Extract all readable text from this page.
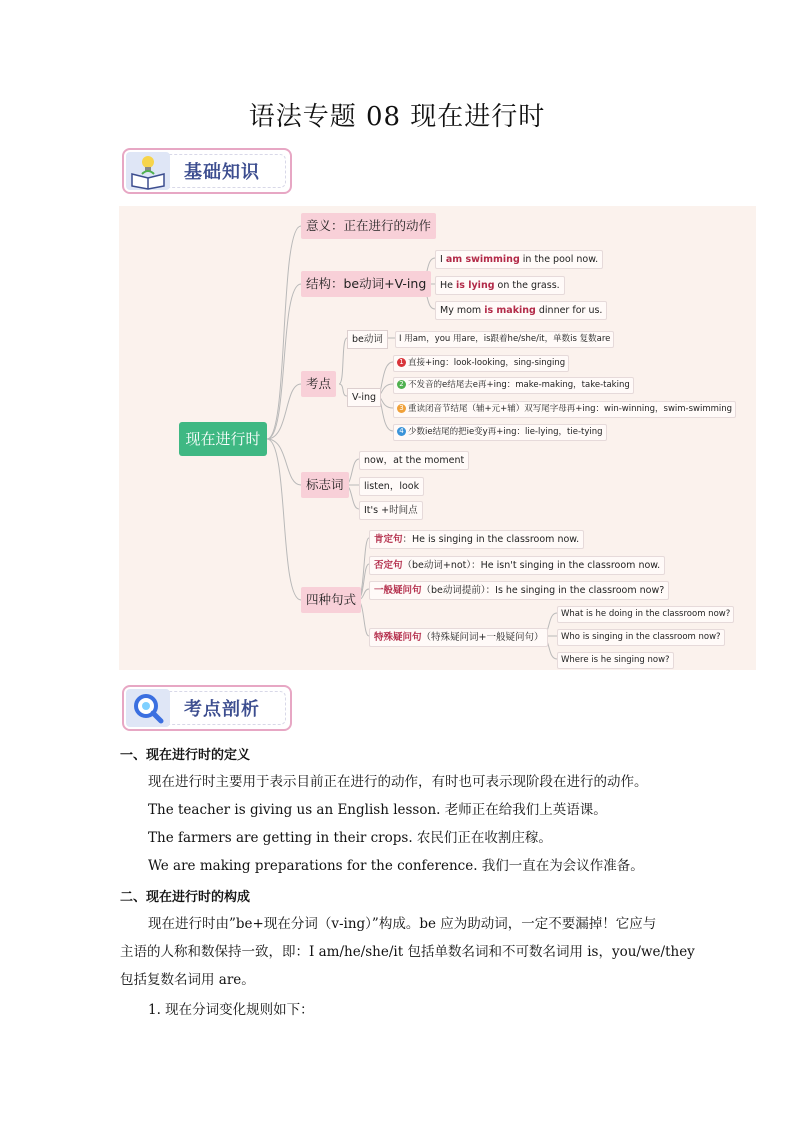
语法专题 08 现在进行时
基础知识
现在进行时
意义：正在进行的动作
结构：be动词+V-ing
考点
标志词
四种句式
I am swimming in the pool now.
He is lying on the grass.
My mom is making dinner for us.
be动词	I 用am，you 用are，is跟着he/she/it，单数is 复数are
V-ing
1 直接+ing：look-looking，sing-singing
2 不发音的e结尾去e再+ing：make-making，take-taking
3 重读闭音节结尾（辅+元+辅）双写尾字母再+ing：win-winning，swim-swimming
4 少数ie结尾的把ie变y再+ing：lie-lying，tie-tying
now，at the moment
listen，look
It's +时间点
肯定句：He is singing in the classroom now.
否定句（be动词+not）：He isn't singing in the classroom now.
一般疑问句（be动词提前）：Is he singing in the classroom now?
特殊疑问句（特殊疑问词+一般疑问句）
What is he doing in the classroom now?
Who is singing in the classroom now?
Where is he singing now?
考点剖析
一、现在进行时的定义
现在进行时主要用于表示目前正在进行的动作，有时也可表示现阶段在进行的动作。
The teacher is giving us an English lesson. 老师正在给我们上英语课。
The farmers are getting in their crops. 农民们正在收割庄稼。
We are making preparations for the conference. 我们一直在为会议作准备。
二、现在进行时的构成
现在进行时由”be+现在分词（v-ing）”构成。be 应为助动词，一定不要漏掉！它应与
主语的人称和数保持一致，即：I am/he/she/it 包括单数名词和不可数名词用 is，you/we/they
包括复数名词用 are。
1. 现在分词变化规则如下：
